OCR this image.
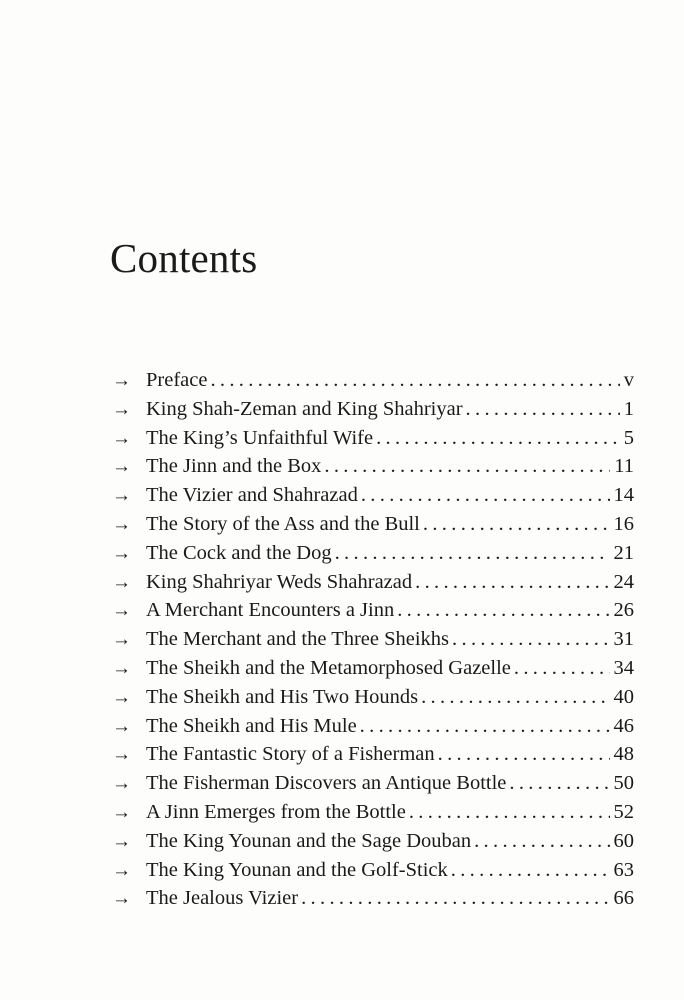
Contents
→ Preface . . .	v
→ King Shah-Zeman and King Shahriyar . . .	1
→ The King’s Unfaithful Wife . . .	5
→ The Jinn and the Box . . .	11
→ The Vizier and Shahrazad . . .	14
→ The Story of the Ass and the Bull . . .	16
→ The Cock and the Dog . . .	21
→ King Shahriyar Weds Shahrazad . . .	24
→ A Merchant Encounters a Jinn . . .	26
→ The Merchant and the Three Sheikhs . . .	31
→ The Sheikh and the Metamorphosed Gazelle . . .	34
→ The Sheikh and His Two Hounds . . .	40
→ The Sheikh and His Mule . . .	46
→ The Fantastic Story of a Fisherman . . .	48
→ The Fisherman Discovers an Antique Bottle . . .	50
→ A Jinn Emerges from the Bottle . . .	52
→ The King Younan and the Sage Douban . . .	60
→ The King Younan and the Golf-Stick . . .	63
→ The Jealous Vizier . . .	66
